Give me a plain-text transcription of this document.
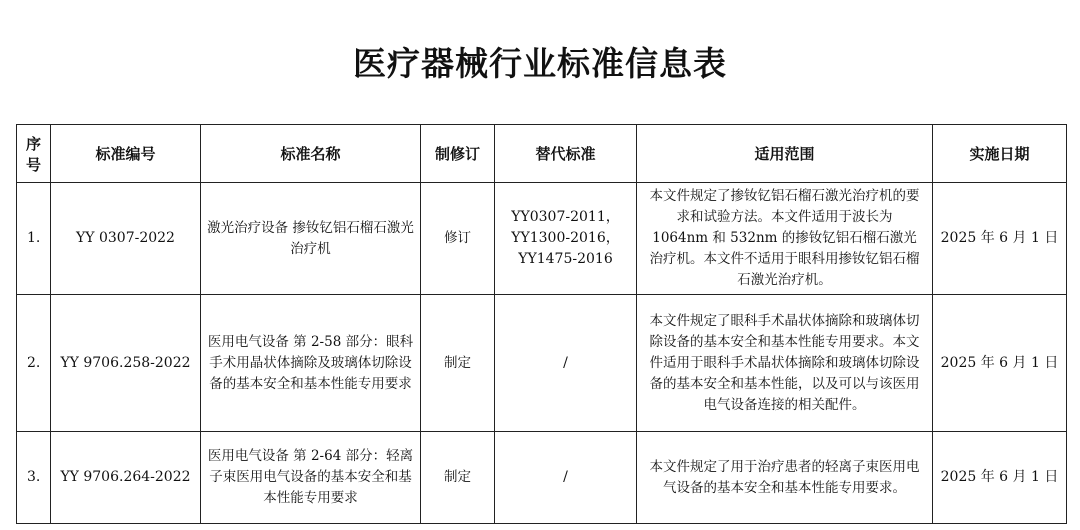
医疗器械行业标准信息表
序号	标准编号	标准名称	制修订	替代标准	适用范围	实施日期
1.	YY 0307-2022	激光治疗设备 掺钕钇铝石榴石激光治疗机	修订	YY0307-2011，YY1300-2016，YY1475-2016	本文件规定了掺钕钇铝石榴石激光治疗机的要求和试验方法。本文件适用于波长为 1064nm 和 532nm 的掺钕钇铝石榴石激光治疗机。本文件不适用于眼科用掺钕钇铝石榴石激光治疗机。	2025 年 6 月 1 日
2.	YY 9706.258-2022	医用电气设备 第 2-58 部分：眼科手术用晶状体摘除及玻璃体切除设备的基本安全和基本性能专用要求	制定	/	本文件规定了眼科手术晶状体摘除和玻璃体切除设备的基本安全和基本性能专用要求。本文件适用于眼科手术晶状体摘除和玻璃体切除设备的基本安全和基本性能，以及可以与该医用电气设备连接的相关配件。	2025 年 6 月 1 日
3.	YY 9706.264-2022	医用电气设备 第 2-64 部分：轻离子束医用电气设备的基本安全和基本性能专用要求	制定	/	本文件规定了用于治疗患者的轻离子束医用电气设备的基本安全和基本性能专用要求。	2025 年 6 月 1 日
